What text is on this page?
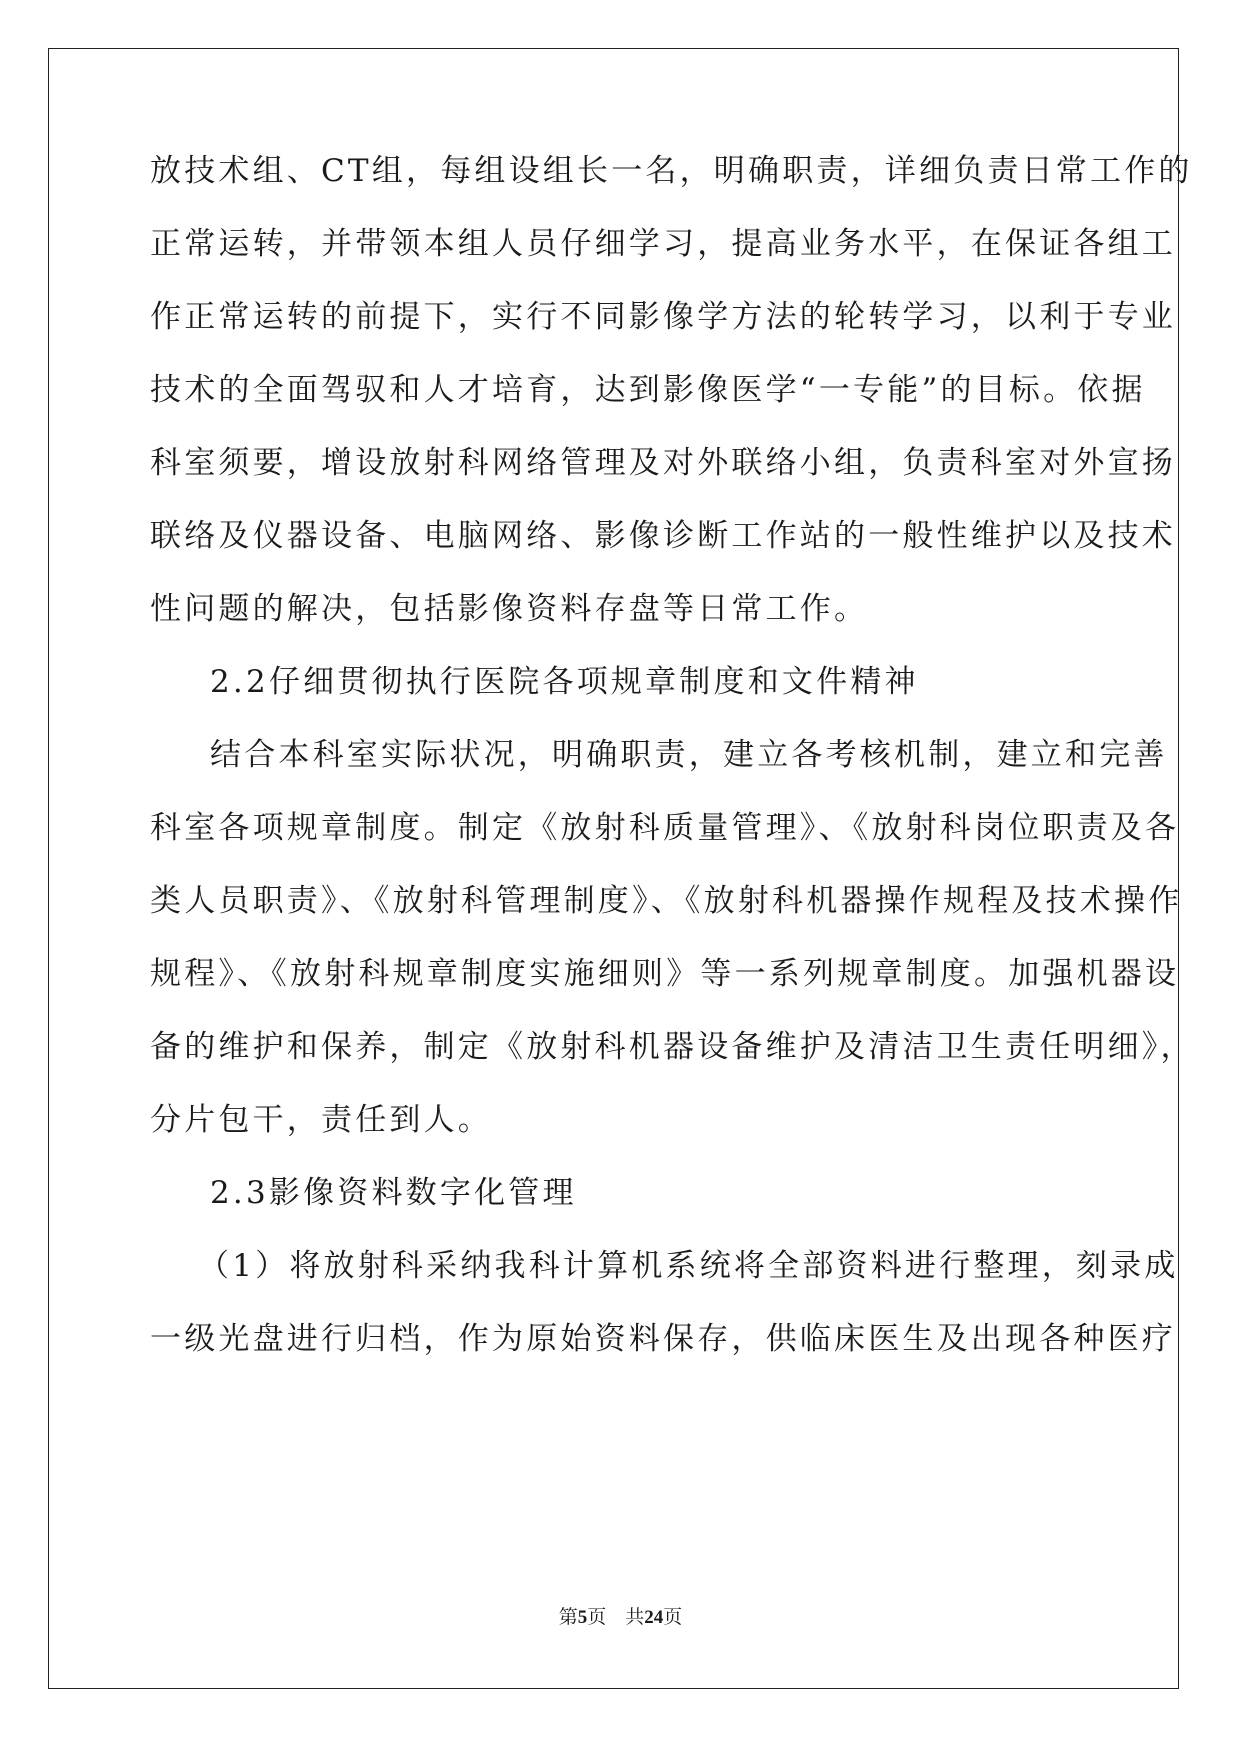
放技术组、CT组，每组设组长一名，明确职责，详细负责日常工作的
正常运转，并带领本组人员仔细学习，提高业务水平，在保证各组工
作正常运转的前提下，实行不同影像学方法的轮转学习，以利于专业
技术的全面驾驭和人才培育，达到影像医学“一专能”的目标。依据
科室须要，增设放射科网络管理及对外联络小组，负责科室对外宣扬
联络及仪器设备、电脑网络、影像诊断工作站的一般性维护以及技术
性问题的解决，包括影像资料存盘等日常工作。
2.2仔细贯彻执行医院各项规章制度和文件精神
结合本科室实际状况，明确职责，建立各考核机制，建立和完善
科室各项规章制度。制定《放射科质量管理》、《放射科岗位职责及各
类人员职责》、《放射科管理制度》、《放射科机器操作规程及技术操作
规程》、《放射科规章制度实施细则》等一系列规章制度。加强机器设
备的维护和保养，制定《放射科机器设备维护及清洁卫生责任明细》，
分片包干，责任到人。
2.3影像资料数字化管理
（1）将放射科采纳我科计算机系统将全部资料进行整理，刻录成
一级光盘进行归档，作为原始资料保存，供临床医生及出现各种医疗
第5页 共24页
